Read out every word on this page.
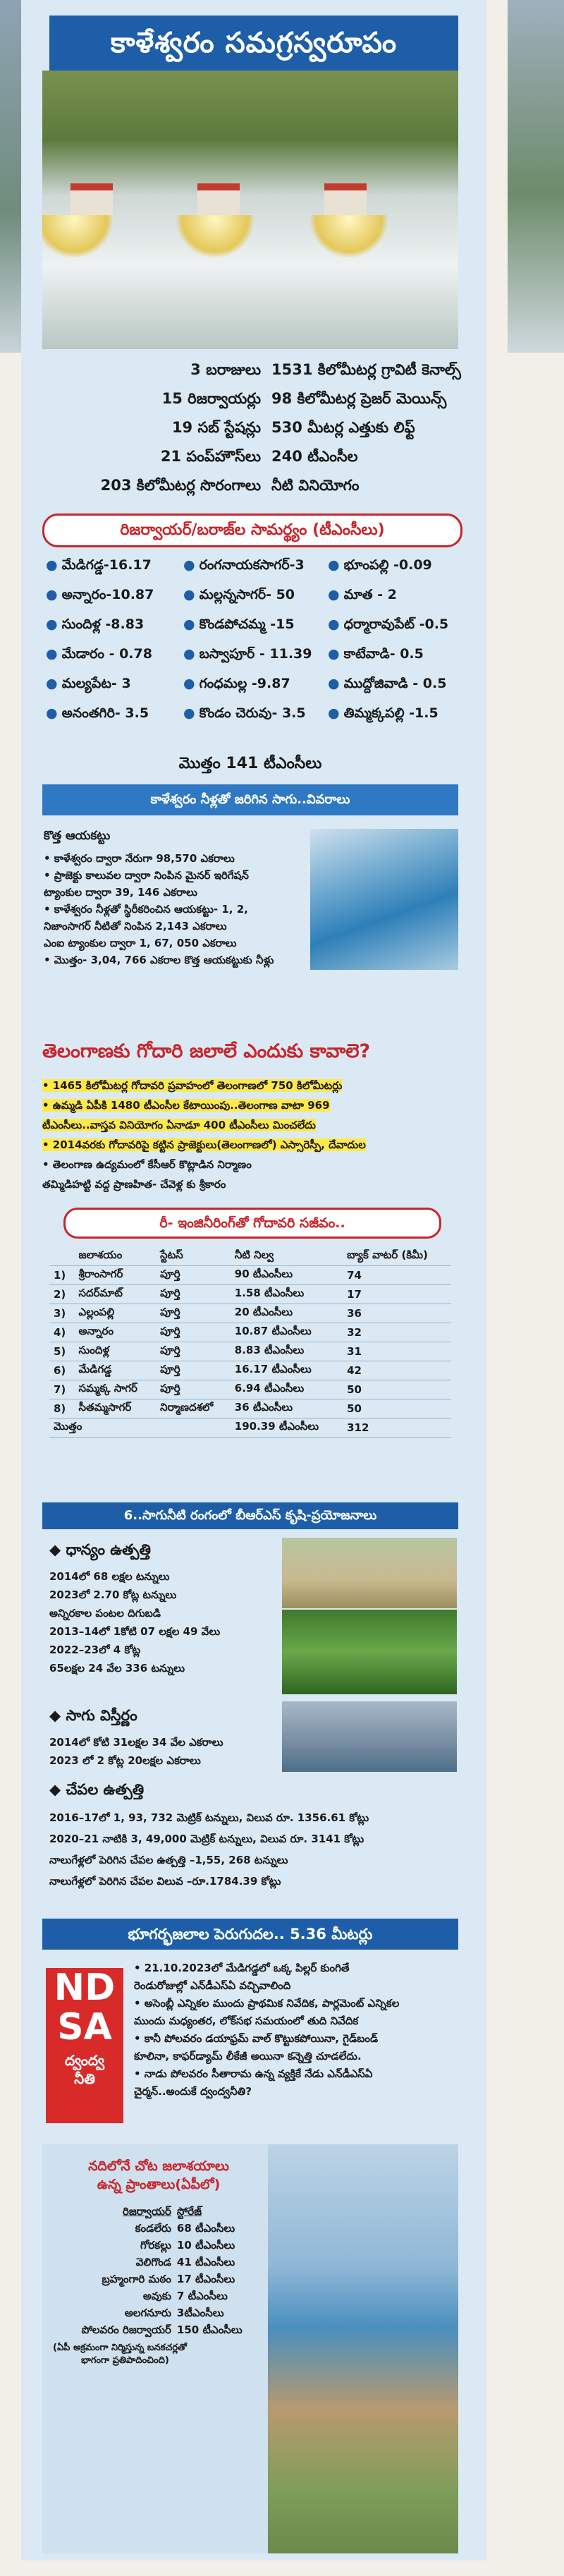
కాళేశ్వరం సమగ్రస్వరూపం
3 బరాజులు 1531 కిలోమీటర్ల గ్రావిటీ కెనాల్స్
15 రిజర్వాయర్లు 98 కిలోమీటర్ల ప్రెజర్ మెయిన్స్
19 సబ్ స్టేషన్లు 530 మీటర్ల ఎత్తుకు లిఫ్ట్
21 పంప్‌హౌస్‌లు 240 టీఎంసీల
203 కిలోమీటర్ల సొరంగాలు నీటి వినియోగం
రిజర్వాయర్/బరాజ్‌ల సామర్థ్యం (టీఎంసీలు)
● మేడిగడ్డ-16.17 ● రంగనాయకసాగర్-3 ● భూంపల్లి -0.09
● అన్నారం-10.87 ● మల్లన్నసాగర్- 50 ● మాత - 2
● సుందిళ్ల -8.83	● కొండపోచమ్మ -15 ● ధర్మారావుపేట్ -0.5
● మేడారం - 0.78 ● బస్వాపూర్ - 11.39 ● కాటేవాడి- 0.5
● మల్యపేట- 3	● గంధమల్ల -9.87	● ముద్దోజివాడి - 0.5
● అనంతగిరి- 3.5	● కొండం చెరువు- 3.5 ● తిమ్మక్కపల్లి -1.5
మొత్తం 141 టీఎంసీలు
కాళేశ్వరం నీళ్లతో జరిగిన సాగు..వివరాలు
కొత్త ఆయకట్టు
• కాళేశ్వరం ద్వారా నేరుగా 98,570 ఎకరాలు
• ప్రాజెక్టు కాలువల ద్వారా నింపిన మైనర్ ఇరిగేషన్
ట్యాంకుల ద్వారా 39, 146 ఎకరాలు
• కాళేశ్వరం నీళ్లతో స్థిరీకరించిన ఆయకట్టు- 1, 2,
నిజాంసాగర్ నీటితో నింపిన 2,143 ఎకరాలు
ఎంఐ ట్యాంకుల ద్వారా 1, 67, 050 ఎకరాలు
• మొత్తం- 3,04, 766 ఎకరాల కొత్త ఆయకట్టుకు నీళ్లు
తెలంగాణకు గోదారి జలాలే ఎందుకు కావాలె?
• 1465 కిలోమీటర్ల గోదావరి ప్రవాహంలో తెలంగాణలో 750 కిలోమీటర్లు
• ఉమ్మడి ఏపీకి 1480 టీఎంసీల కేటాయింపు..తెలంగాణ వాటా 969
టీఎంసీలు..వాస్తవ వినియోగం ఏనాడూ 400 టీఎంసీలు మించలేదు
• 2014వరకు గోదావరిపై కట్టిన ప్రాజెక్టులు(తెలంగాణలో) ఎస్సారెస్పీ, దేవాదుల
• తెలంగాణ ఉద్యమంలో కేసీఆర్ కొట్లాడిన నిర్మాణం
తమ్మిడిహట్టి వద్ద ప్రాణహిత- చేవెళ్ల కు శ్రీకారం
రీ- ఇంజినీరింగ్‌తో గోదావరి సజీవం..
	జలాశయం	స్టేటస్	నీటి నిల్వ	బ్యాక్ వాటర్ (కిమీ)
1)	శ్రీరాంసాగర్	పూర్తి	90 టీఎంసీలు	74
2)	సదర్‌మాట్	పూర్తి	1.58 టీఎంసీలు	17
3)	ఎల్లంపల్లి	పూర్తి	20 టీఎంసీలు	36
4)	అన్నారం	పూర్తి	10.87 టీఎంసీలు	32
5)	సుందిళ్ల	పూర్తి	8.83 టీఎంసీలు	31
6)	మేడిగడ్డ	పూర్తి	16.17 టీఎంసీలు	42
7)	సమ్మక్క సాగర్	పూర్తి	6.94 టీఎంసీలు	50
8)	సీతమ్మసాగర్	నిర్మాణదశలో	36 టీఎంసీలు	50
మొత్తం			190.39 టీఎంసీలు	312
6..సాగునీటి రంగంలో బీఆర్ఎస్ కృషి-ప్రయోజనాలు
◆ ధాన్యం ఉత్పత్తి
2014లో 68 లక్షల టన్నులు
2023లో 2.70 కోట్ల టన్నులు
అన్నిరకాల పంటల దిగుబడి
2013–14లో 1కోటి 07 లక్షల 49 వేలు
2022–23లో 4 కోట్ల
65లక్షల 24 వేల 336 టన్నులు
◆ సాగు విస్తీర్ణం
2014లో కోటి 31లక్షల 34 వేల ఎకరాలు
2023 లో 2 కోట్ల 20లక్షల ఎకరాలు
◆ చేపల ఉత్పత్తి
2016–17లో 1, 93, 732 మెట్రిక్ టన్నులు, విలువ రూ. 1356.61 కోట్లు
2020–21 నాటికి 3, 49,000 మెట్రిక్ టన్నులు, విలువ రూ. 3141 కోట్లు
నాలుగేళ్లలో పెరిగిన చేపల ఉత్పత్తి –1,55, 268 టన్నులు
నాలుగేళ్లలో పెరిగిన చేపల విలువ –రూ.1784.39 కోట్లు
భూగర్భజలాల పెరుగుదల.. 5.36 మీటర్లు
ND
SA
ద్వంద్వ
నీతి
• 21.10.2023లో మేడిగడ్డలో ఒక్క పిల్లర్ కుంగితే
రెండురోజుల్లో ఎన్‌డీఎస్ఏ వచ్చివాలింది
• అసెంబ్లీ ఎన్నికల ముందు ప్రాథమిక నివేదిక, పార్లమెంట్ ఎన్నికల
ముందు మధ్యంతర, లోక్‌సభ సమయంలో తుది నివేదిక
• కానీ పోలవరం డయాఫ్రమ్ వాల్ కొట్టుకపోయినా, గైడ్‌బండ్
కూలినా, కాఫర్‌డ్యామ్ లీకేజీ అయినా కన్నెత్తి చూడలేదు.
• నాడు పోలవరం సీతారామ ఉన్న వ్యక్తికే నేడు ఎన్‌డీఎస్ఏ
చైర్మన్..అందుకే ద్వంద్వనీతి?
నదిలోనే చోట జలాశయాలు
ఉన్న ప్రాంతాలు(ఏపీలో)
రిజర్వాయర్	స్టోరేజ్
కండలేరు	68 టీఎంసీలు
గోరకల్లు	10 టీఎంసీలు
వెలిగొండ	41 టీఎంసీలు
బ్రహ్మంగారి మఠం	17 టీఎంసీలు
అవుకు	7 టీఎంసీలు
అలగనూరు	3టీఎంసీలు
పోలవరం రిజర్వాయర్	150 టీఎంసీలు
(ఏపీ అక్రమంగా నిర్మిస్తున్న బనకచర్లతో
భాగంగా ప్రతిపాదించింది)
